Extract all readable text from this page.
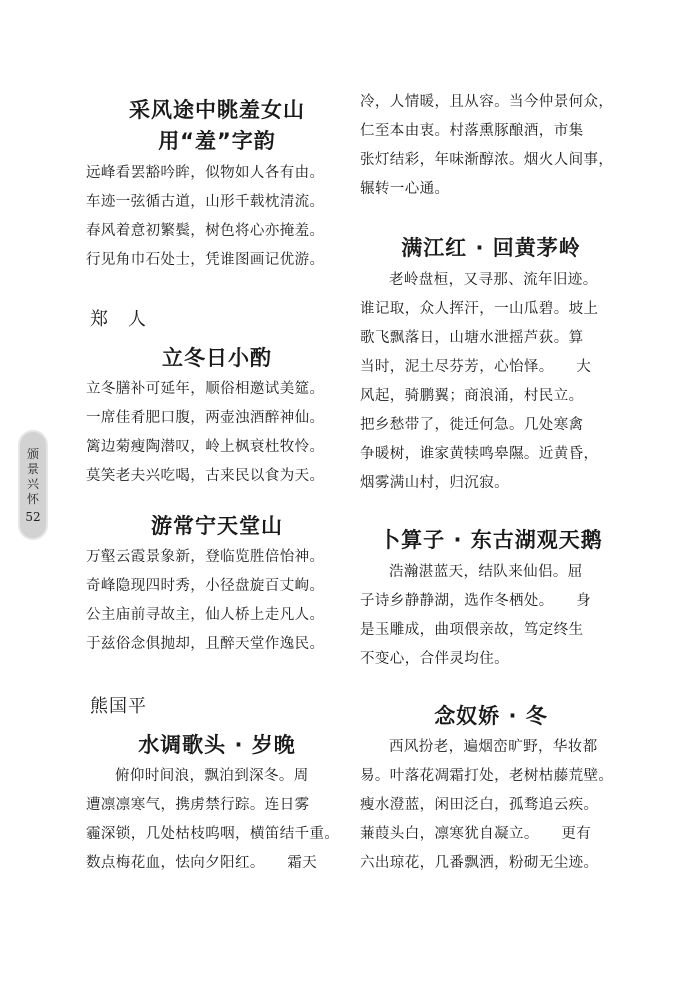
颁景兴怀
52
采风途中眺羞女山
用“羞”字韵
远峰看罢豁吟眸，似物如人各有由。
车迹一弦循古道，山形千载枕清流。
春风着意初繁鬓，树色将心亦掩羞。
行见角巾石处士，凭谁图画记优游。
郑　人
立冬日小酌
立冬膳补可延年，顺俗相邀试美筵。
一席佳肴肥口腹，两壶浊酒醉神仙。
篱边菊瘦陶潜叹，岭上枫衰杜牧怜。
莫笑老夫兴吃喝，古来民以食为天。
游常宁天堂山
万壑云霞景象新，登临览胜倍怡神。
奇峰隐现四时秀，小径盘旋百丈岣。
公主庙前寻故主，仙人桥上走凡人。
于兹俗念俱抛却，且醉天堂作逸民。
熊国平
水调歌头 · 岁晚
俯仰时间浪，飘泊到深冬。周
遭凛凛寒气，携虏禁行踪。连日雾
霾深锁，几处枯枝呜咽，横笛结千重。
数点梅花血，怯向夕阳红。　　霜天
冷，人情暖，且从容。当今仲景何众，
仁至本由衷。村落熏豚酿酒，市集
张灯结彩，年味渐醇浓。烟火人间事，
辗转一心通。
满江红 · 回黄茅岭
老岭盘桓，又寻那、流年旧迹。
谁记取，众人挥汗，一山瓜碧。坡上
歌飞飘落日，山塘水泄摇芦荻。算
当时，泥土尽芬芳，心怡怿。　　大
风起，骑鹏翼；商浪涌，村民立。
把乡愁带了，徙迁何急。几处寒禽
争暖树，谁家黄犊鸣皋隰。近黄昏，
烟雾满山村，归沉寂。
卜算子 · 东古湖观天鹅
浩瀚湛蓝天，结队来仙侣。屈
子诗乡静静湖，选作冬栖处。　　身
是玉雕成，曲项偎亲故，笃定终生
不变心，合伴灵均住。
念奴娇 · 冬
西风扮老，遍烟峦旷野，华妆都
易。叶落花凋霜打处，老树枯藤荒壁。
瘦水澄蓝，闲田泛白，孤骛追云疾。
蒹葭头白，凛寒犹自凝立。　　更有
六出琼花，几番飘洒，粉砌无尘迹。
